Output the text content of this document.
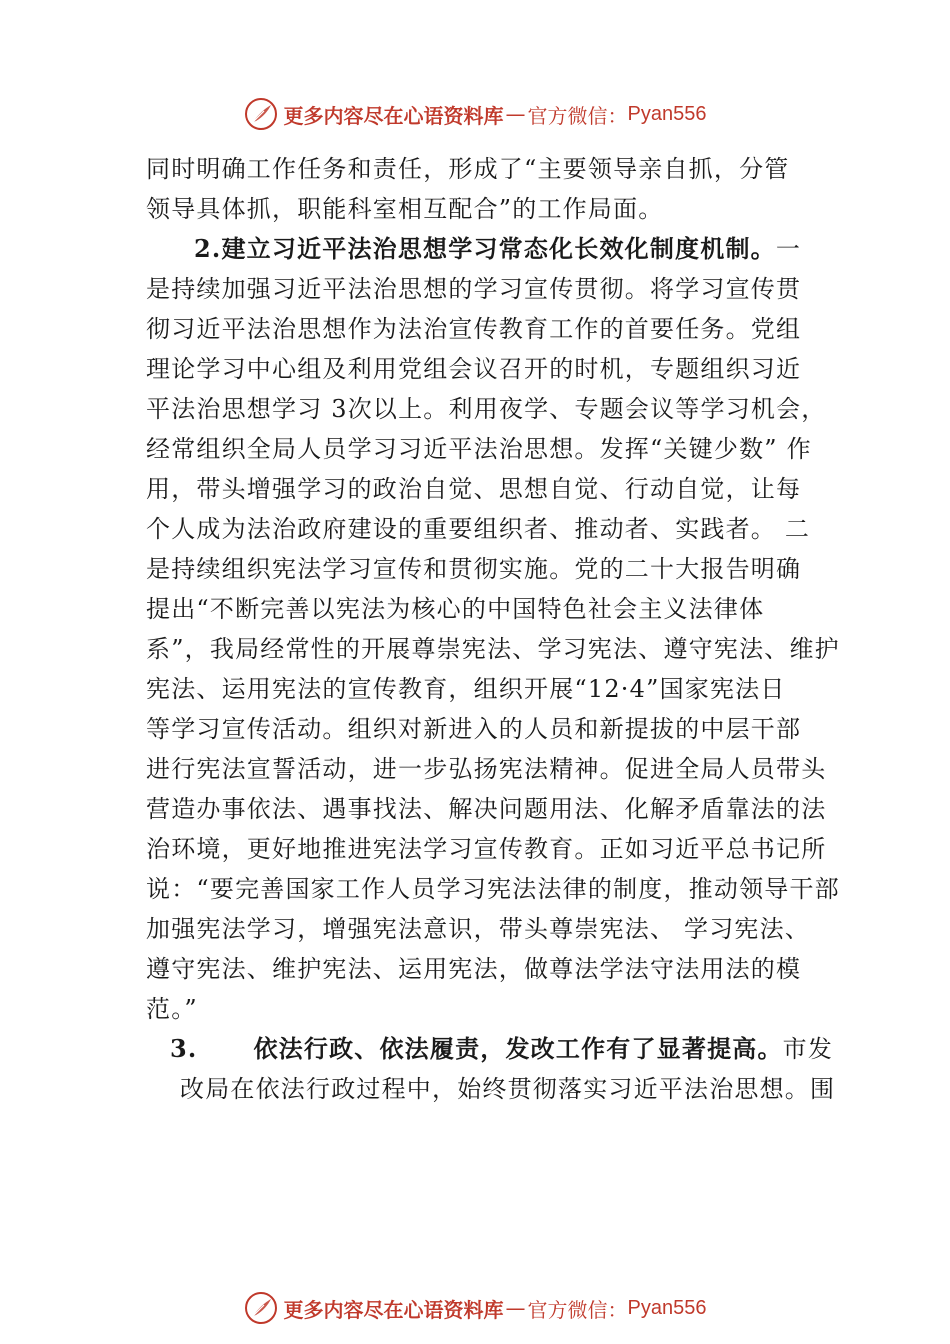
更多内容尽在心语资料库 — 官方微信： Pyan556
同时明确工作任务和责任，形成了“主要领导亲自抓，分管
领导具体抓，职能科室相互配合”的工作局面。
2.建立习近平法治思想学习常态化长效化制度机制。一
是持续加强习近平法治思想的学习宣传贯彻。将学习宣传贯
彻习近平法治思想作为法治宣传教育工作的首要任务。党组
理论学习中心组及利用党组会议召开的时机，专题组织习近
平法治思想学习 3次以上。利用夜学、专题会议等学习机会，
经常组织全局人员学习习近平法治思想。发挥“关键少数” 作
用，带头增强学习的政治自觉、思想自觉、行动自觉，让每
个人成为法治政府建设的重要组织者、推动者、实践者。 二
是持续组织宪法学习宣传和贯彻实施。党的二十大报告明确
提出“不断完善以宪法为核心的中国特色社会主义法律体
系”，我局经常性的开展尊崇宪法、学习宪法、遵守宪法、维护
宪法、运用宪法的宣传教育，组织开展“12·4”国家宪法日
等学习宣传活动。组织对新进入的人员和新提拔的中层干部
进行宪法宣誓活动，进一步弘扬宪法精神。促进全局人员带头
营造办事依法、遇事找法、解决问题用法、化解矛盾靠法的法
治环境，更好地推进宪法学习宣传教育。正如习近平总书记所
说：“要完善国家工作人员学习宪法法律的制度，推动领导干部
加强宪法学习，增强宪法意识，带头尊崇宪法、 学习宪法、
遵守宪法、维护宪法、运用宪法，做尊法学法守法用法的模
范。”
3. 依法行政、依法履责，发改工作有了显著提高。市发
改局在依法行政过程中，始终贯彻落实习近平法治思想。围
更多内容尽在心语资料库 — 官方微信： Pyan556
